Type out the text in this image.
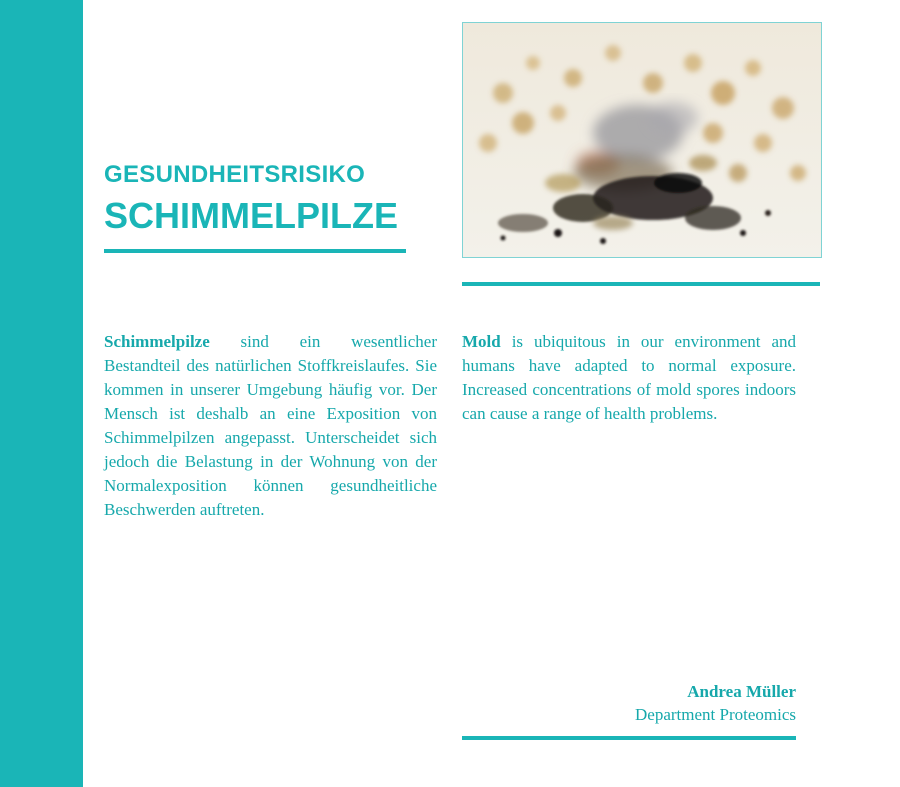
GESUNDHEITSRISIKO
SCHIMMELPILZE
Schimmelpilze sind ein wesentlicher Bestandteil des natürlichen Stoffkreislaufes. Sie kommen in unserer Umgebung häufig vor. Der Mensch ist deshalb an eine Exposition von Schimmelpilzen angepasst. Unterscheidet sich jedoch die Belastung in der Wohnung von der Normalexposition können gesundheitliche Beschwerden auftreten.
Mold is ubiquitous in our environment and humans have adapted to normal exposure. Increased concentrations of mold spores indoors can cause a range of health problems.
Andrea Müller
Department Proteomics
